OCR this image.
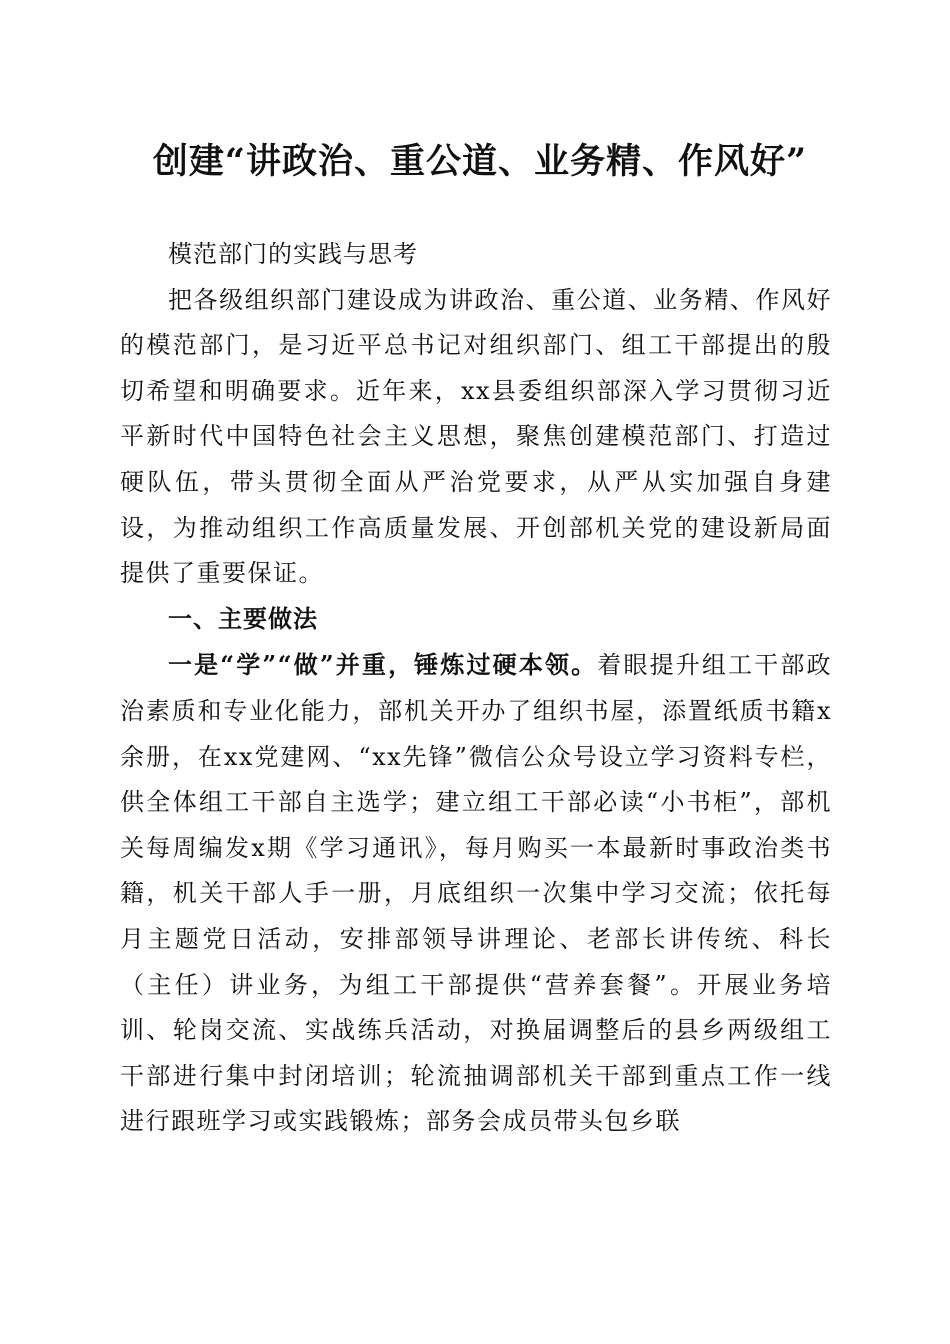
创建“讲政治、重公道、业务精、作风好”

模范部门的实践与思考

把各级组织部门建设成为讲政治、重公道、业务精、作风好的模范部门，是习近平总书记对组织部门、组工干部提出的殷切希望和明确要求。近年来，xx县委组织部深入学习贯彻习近平新时代中国特色社会主义思想，聚焦创建模范部门、打造过硬队伍，带头贯彻全面从严治党要求，从严从实加强自身建设，为推动组织工作高质量发展、开创部机关党的建设新局面提供了重要保证。

一、主要做法

一是“学”“做”并重，锤炼过硬本领。着眼提升组工干部政治素质和专业化能力，部机关开办了组织书屋，添置纸质书籍x余册，在xx党建网、“xx先锋”微信公众号设立学习资料专栏，供全体组工干部自主选学；建立组工干部必读“小书柜”，部机关每周编发x期《学习通讯》，每月购买一本最新时事政治类书籍，机关干部人手一册，月底组织一次集中学习交流；依托每月主题党日活动，安排部领导讲理论、老部长讲传统、科长（主任）讲业务，为组工干部提供“营养套餐”。开展业务培训、轮岗交流、实战练兵活动，对换届调整后的县乡两级组工干部进行集中封闭培训；轮流抽调部机关干部到重点工作一线进行跟班学习或实践锻炼；部务会成员带头包乡联
